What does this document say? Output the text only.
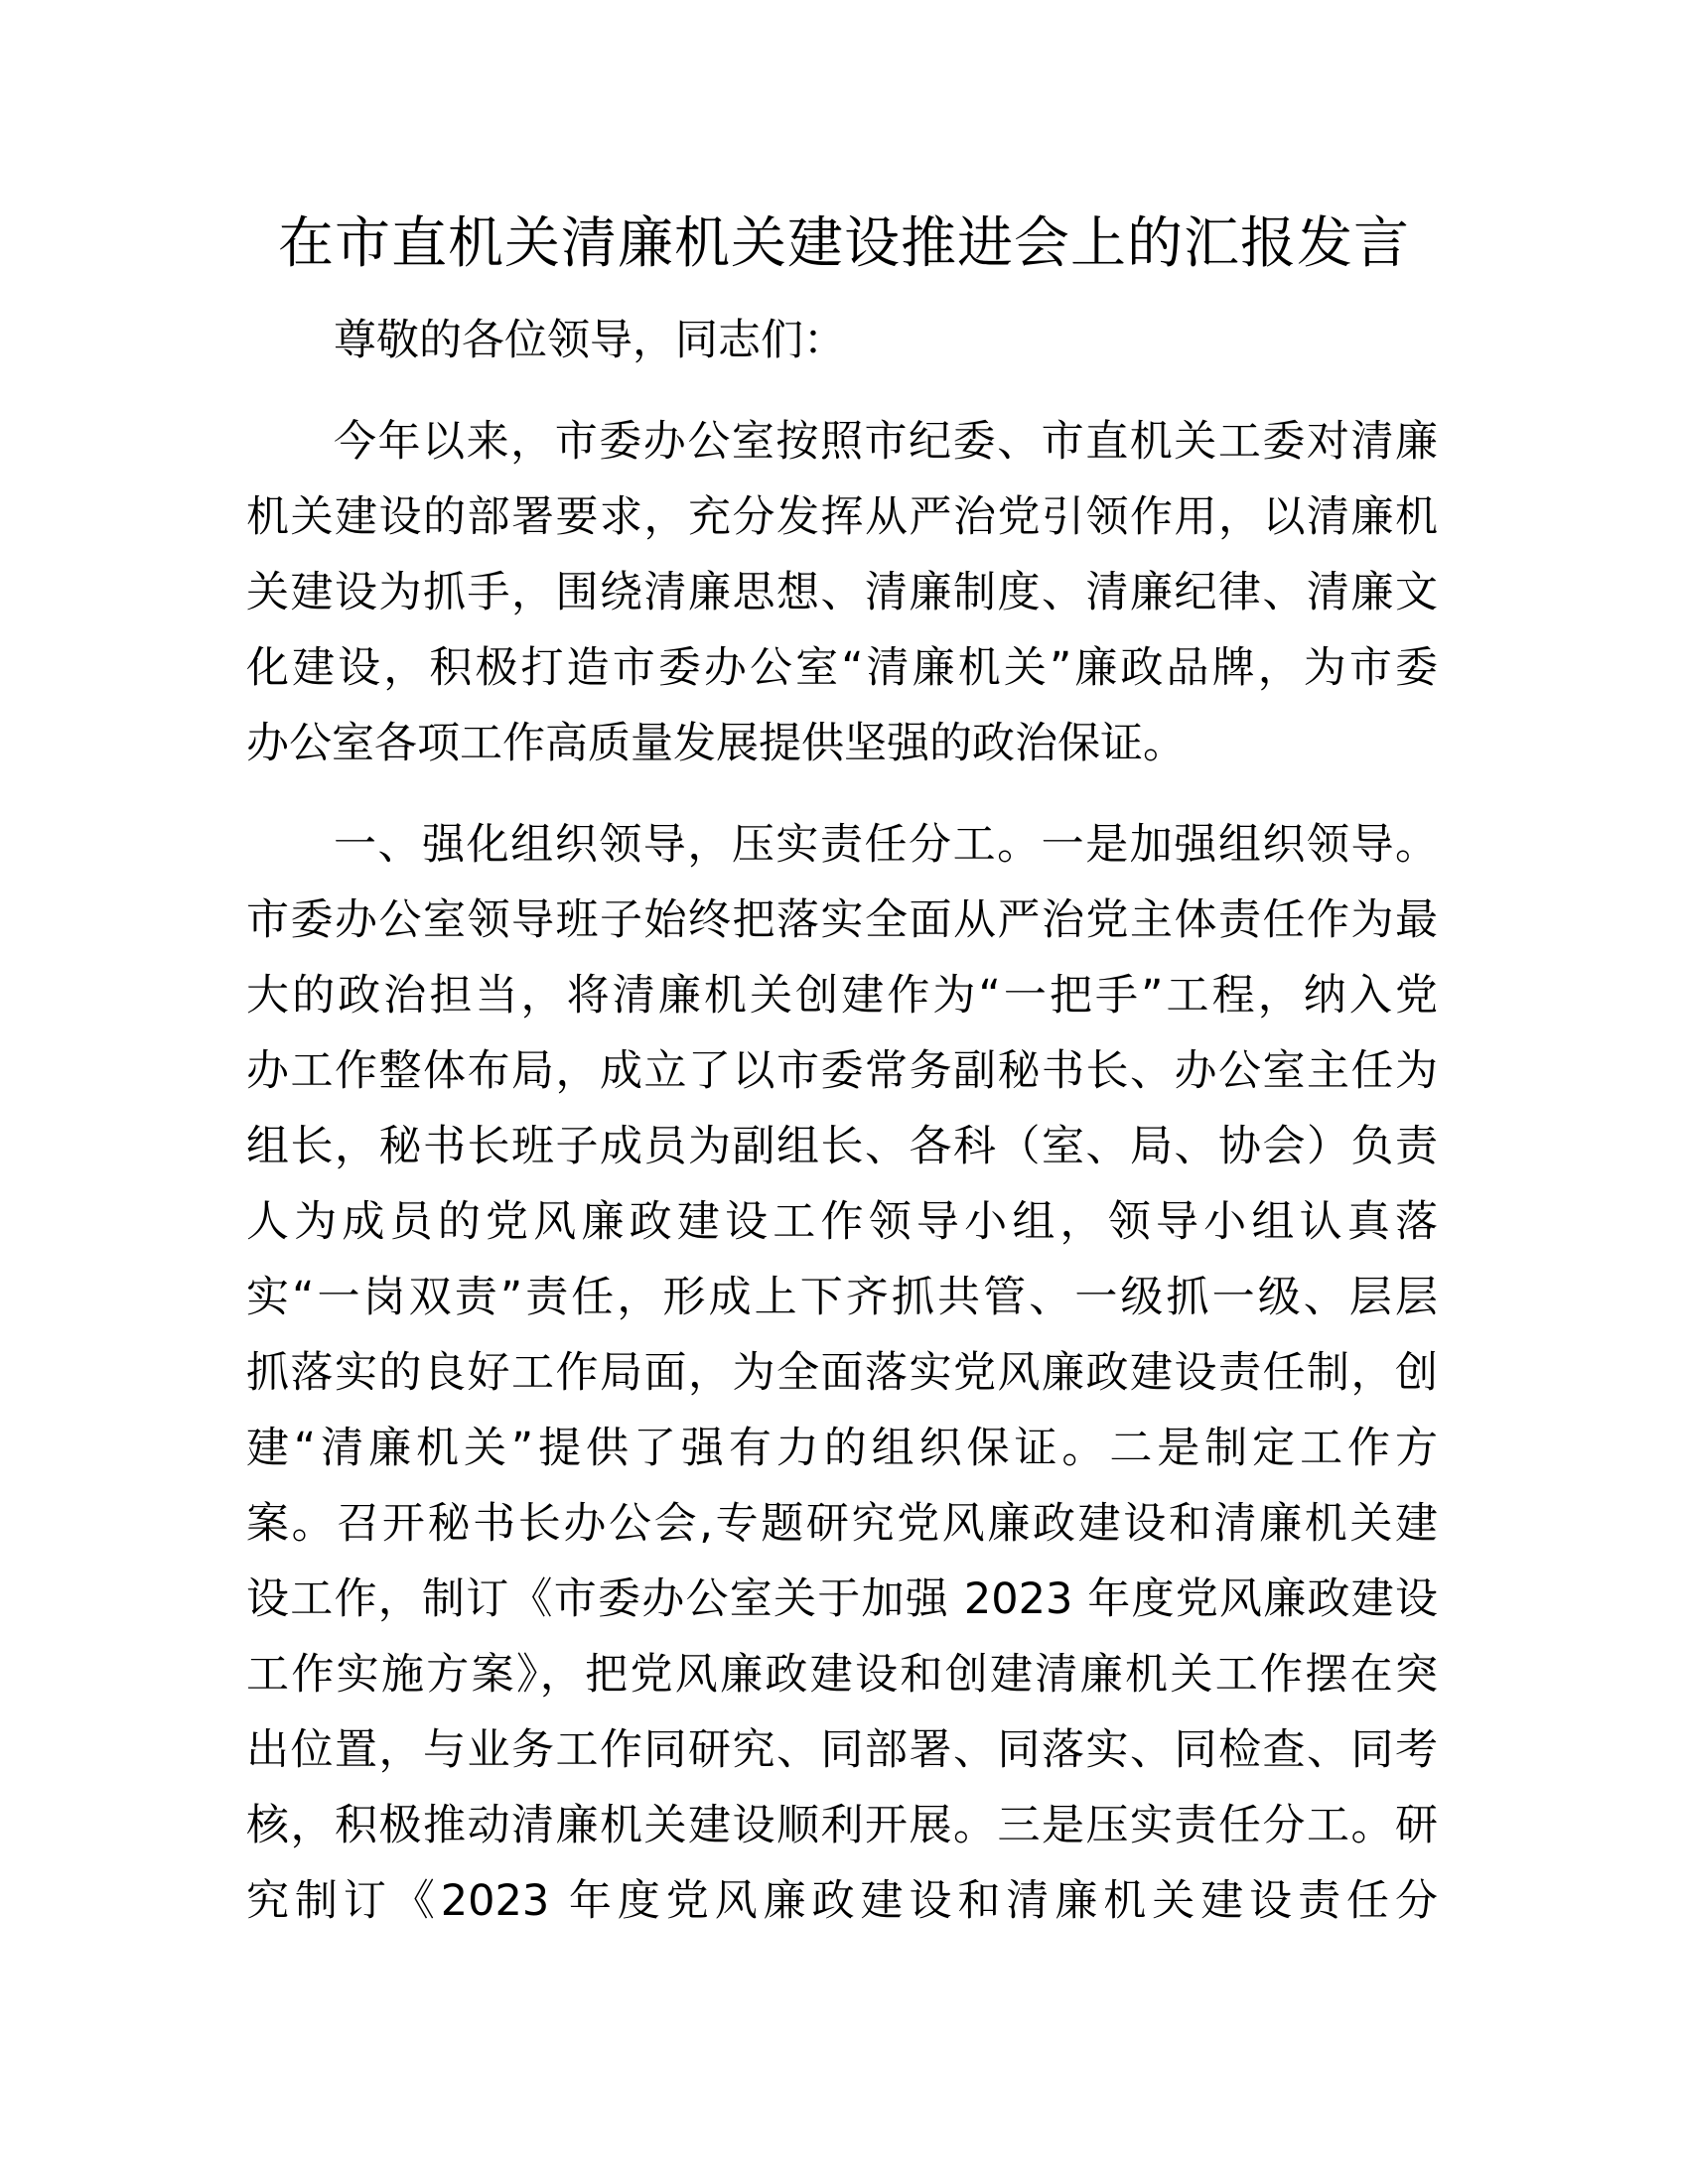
在市直机关清廉机关建设推进会上的汇报发言
尊敬的各位领导，同志们：
今年以来，市委办公室按照市纪委、市直机关工委对清廉
机关建设的部署要求，充分发挥从严治党引领作用，以清廉机
关建设为抓手，围绕清廉思想、清廉制度、清廉纪律、清廉文
化建设，积极打造市委办公室“清廉机关”廉政品牌，为市委
办公室各项工作高质量发展提供坚强的政治保证。
一、强化组织领导，压实责任分工。一是加强组织领导。
市委办公室领导班子始终把落实全面从严治党主体责任作为最
大的政治担当，将清廉机关创建作为“一把手”工程，纳入党
办工作整体布局，成立了以市委常务副秘书长、办公室主任为
组长，秘书长班子成员为副组长、各科（室、局、协会）负责
人为成员的党风廉政建设工作领导小组，领导小组认真落
实“一岗双责”责任，形成上下齐抓共管、一级抓一级、层层
抓落实的良好工作局面，为全面落实党风廉政建设责任制，创
建“清廉机关”提供了强有力的组织保证。二是制定工作方
案。召开秘书长办公会,专题研究党风廉政建设和清廉机关建
设工作，制订《市委办公室关于加强 2023 年度党风廉政建设
工作实施方案》，把党风廉政建设和创建清廉机关工作摆在突
出位置，与业务工作同研究、同部署、同落实、同检查、同考
核，积极推动清廉机关建设顺利开展。三是压实责任分工。研
究制订《2023 年度党风廉政建设和清廉机关建设责任分
